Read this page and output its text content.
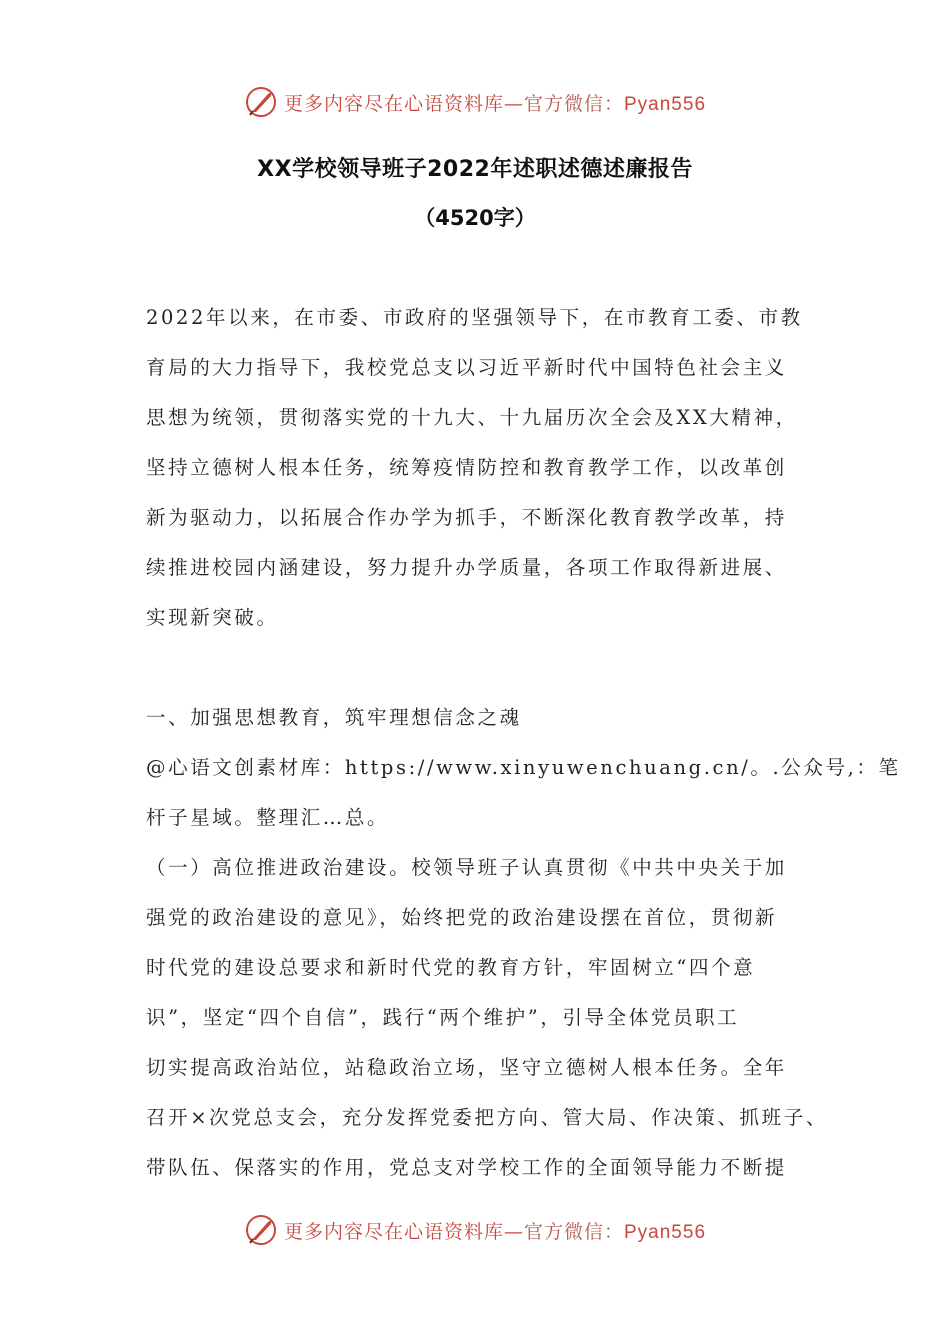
更多内容尽在心语资料库—官方微信：Pyan556
XX学校领导班子2022年述职述德述廉报告
（4520字）
2022年以来，在市委、市政府的坚强领导下，在市教育工委、市教
育局的大力指导下，我校党总支以习近平新时代中国特色社会主义
思想为统领，贯彻落实党的十九大、十九届历次全会及XX大精神，
坚持立德树人根本任务，统筹疫情防控和教育教学工作，以改革创
新为驱动力，以拓展合作办学为抓手，不断深化教育教学改革，持
续推进校园内涵建设，努力提升办学质量，各项工作取得新进展、
实现新突破。
一、加强思想教育，筑牢理想信念之魂
@心语文创素材库：https://www.xinyuwenchuang.cn/。.公众号,：笔
杆子星域。整理汇…总。
（一）高位推进政治建设。校领导班子认真贯彻《中共中央关于加
强党的政治建设的意见》，始终把党的政治建设摆在首位，贯彻新
时代党的建设总要求和新时代党的教育方针，牢固树立“四个意
识”，坚定“四个自信”，践行“两个维护”，引导全体党员职工
切实提高政治站位，站稳政治立场，坚守立德树人根本任务。全年
召开×次党总支会，充分发挥党委把方向、管大局、作决策、抓班子、
带队伍、保落实的作用，党总支对学校工作的全面领导能力不断提
更多内容尽在心语资料库—官方微信：Pyan556
